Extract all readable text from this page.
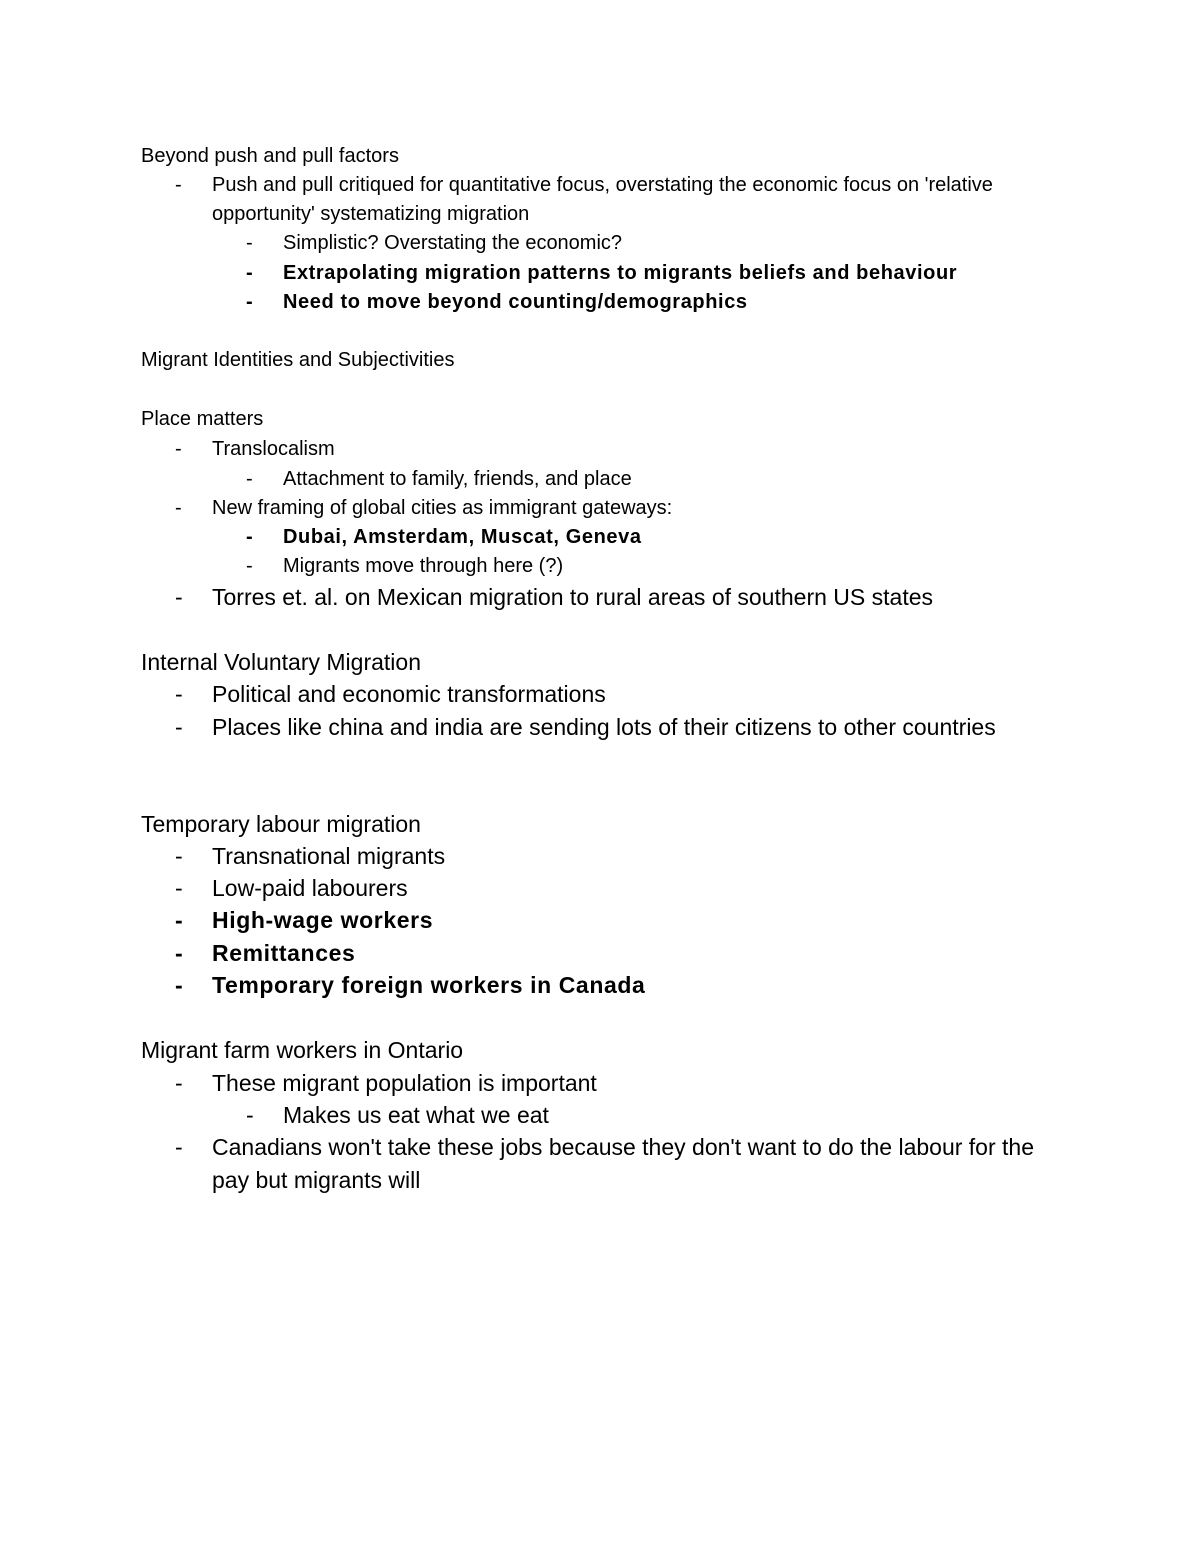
Beyond push and pull factors
- Push and pull critiqued for quantitative focus, overstating the economic focus on 'relative
opportunity' systematizing migration
- Simplistic? Overstating the economic?
- Extrapolating migration patterns to migrants beliefs and behaviour
- Need to move beyond counting/demographics
Migrant Identities and Subjectivities
Place matters
- Translocalism
- Attachment to family, friends, and place
- New framing of global cities as immigrant gateways:
- Dubai, Amsterdam, Muscat, Geneva
- Migrants move through here (?)
- Torres et. al. on Mexican migration to rural areas of southern US states
Internal Voluntary Migration
- Political and economic transformations
- Places like china and india are sending lots of their citizens to other countries
Temporary labour migration
- Transnational migrants
- Low-paid labourers
- High-wage workers
- Remittances
- Temporary foreign workers in Canada
Migrant farm workers in Ontario
- These migrant population is important
- Makes us eat what we eat
- Canadians won't take these jobs because they don't want to do the labour for the
pay but migrants will
